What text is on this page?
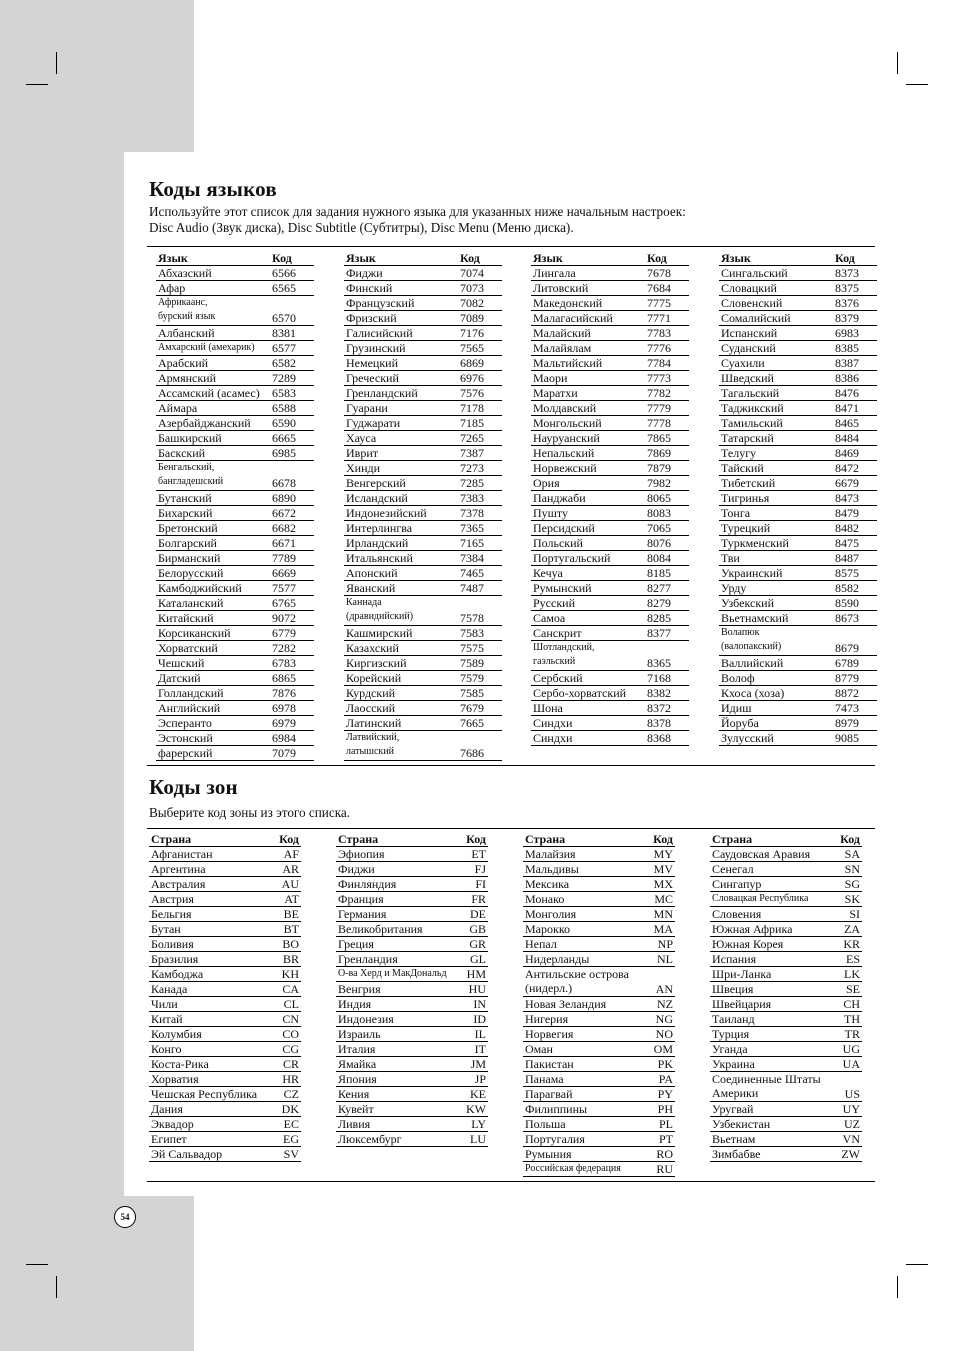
Коды языков

Используйте этот список для задания нужного языка для указанных ниже начальным настроек:

Disc Audio (Звук диска), Disc Subtitle (Субтитры), Disc Menu (Меню диска).

Язык	Код
Абхазский	6566
Афар	6565
Африкаанс,
бурский язык	6570
Албанский	8381
Амхарский (амехарик)	6577
Арабский	6582
Армянский	7289
Ассамский (асамес)	6583
Аймара	6588
Азербайджанский	6590
Башкирский	6665
Баскский	6985
Бенгальский,
бангладешский	6678
Бутанский	6890
Бихарский	6672
Бретонский	6682
Болгарский	6671
Бирманский	7789
Белорусский	6669
Камбоджийский	7577
Каталанский	6765
Китайский	9072
Корсиканский	6779
Хорватский	7282
Чешский	6783
Датский	6865
Голландский	7876
Английский	6978
Эсперанто	6979
Эстонский	6984
фарерский	7079
Язык	Код
Фиджи	7074
Финский	7073
Французский	7082
Фризский	7089
Галисийский	7176
Грузинский	7565
Немецкий	6869
Греческий	6976
Гренландский	7576
Гуарани	7178
Гуджарати	7185
Хауса	7265
Иврит	7387
Хинди	7273
Венгерский	7285
Исландский	7383
Индонезийский	7378
Интерлингва	7365
Ирландский	7165
Итальянский	7384
Апонский	7465
Яванский	7487
Каннада
(дравидийский)	7578
Кашмирский	7583
Казахский	7575
Киргизский	7589
Корейский	7579
Курдский	7585
Лаосский	7679
Латинский	7665
Латвийский,
латышский	7686
Язык	Код
Лингала	7678
Литовский	7684
Македонский	7775
Малагасийский	7771
Малайский	7783
Малайялам	7776
Мальтийский	7784
Маори	7773
Маратхи	7782
Молдавский	7779
Монгольский	7778
Науруанский	7865
Непальский	7869
Норвежский	7879
Ория	7982
Панджаби	8065
Пушту	8083
Персидский	7065
Польский	8076
Португальский	8084
Кечуа	8185
Румынский	8277
Русский	8279
Самоа	8285
Санскрит	8377
Шотландский,
гаэльский	8365
Сербский	7168
Сербо-хорватский	8382
Шона	8372
Синдхи	8378
Синдхи	8368
Язык	Код
Сингальский	8373
Словацкий	8375
Словенский	8376
Сомалийский	8379
Испанский	6983
Суданский	8385
Суахили	8387
Шведский	8386
Тагальский	8476
Таджикский	8471
Тамильский	8465
Татарский	8484
Телугу	8469
Тайский	8472
Тибетский	6679
Тигринья	8473
Тонга	8479
Турецкий	8482
Туркменский	8475
Тви	8487
Украинский	8575
Урду	8582
Узбекский	8590
Вьетнамский	8673
Волапюк
(валопакский)	8679
Валлийский	6789
Волоф	8779
Кхоса (хоза)	8872
Идиш	7473
Йоруба	8979
Зулусский	9085
Коды зон

Выберите код зоны из этого списка.

Страна	Код
Афганистан	AF
Аргентина	AR
Австралия	AU
Австрия	AT
Бельгия	BE
Бутан	BT
Боливия	BO
Бразилия	BR
Камбоджа	KH
Канада	CA
Чили	CL
Китай	CN
Колумбия	CO
Конго	CG
Коста-Рика	CR
Хорватия	HR
Чешская Республика	CZ
Дания	DK
Эквадор	EC
Египет	EG
Эй Сальвадор	SV
Страна	Код
Эфиопия	ET
Фиджи	FJ
Финляндия	FI
Франция	FR
Германия	DE
Великобритания	GB
Греция	GR
Гренландия	GL
О-ва Херд и МакДональд	HM
Венгрия	HU
Индия	IN
Индонезия	ID
Израиль	IL
Италия	IT
Ямайка	JM
Япония	JP
Кения	KE
Кувейт	KW
Ливия	LY
Люксембург	LU
Страна	Код
Малайзия	MY
Мальдивы	MV
Мексика	MX
Монако	MC
Монголия	MN
Марокко	MA
Непал	NP
Нидерланды	NL
Антильские острова
(нидерл.)	AN
Новая Зеландия	NZ
Нигерия	NG
Норвегия	NO
Оман	OM
Пакистан	PK
Панама	PA
Парагвай	PY
Филиппины	PH
Польша	PL
Португалия	PT
Румыния	RO
Российская федерация	RU
Страна	Код
Саудовская Аравия	SA
Сенегал	SN
Сингапур	SG
Словацкая Республика	SK
Словения	SI
Южная Африка	ZA
Южная Корея	KR
Испания	ES
Шри-Ланка	LK
Швеция	SE
Швейцария	CH
Таиланд	TH
Турция	TR
Уганда	UG
Украина	UA
Соединенные Штаты
Америки	US
Уругвай	UY
Узбекистан	UZ
Вьетнам	VN
Зимбабве	ZW
54
